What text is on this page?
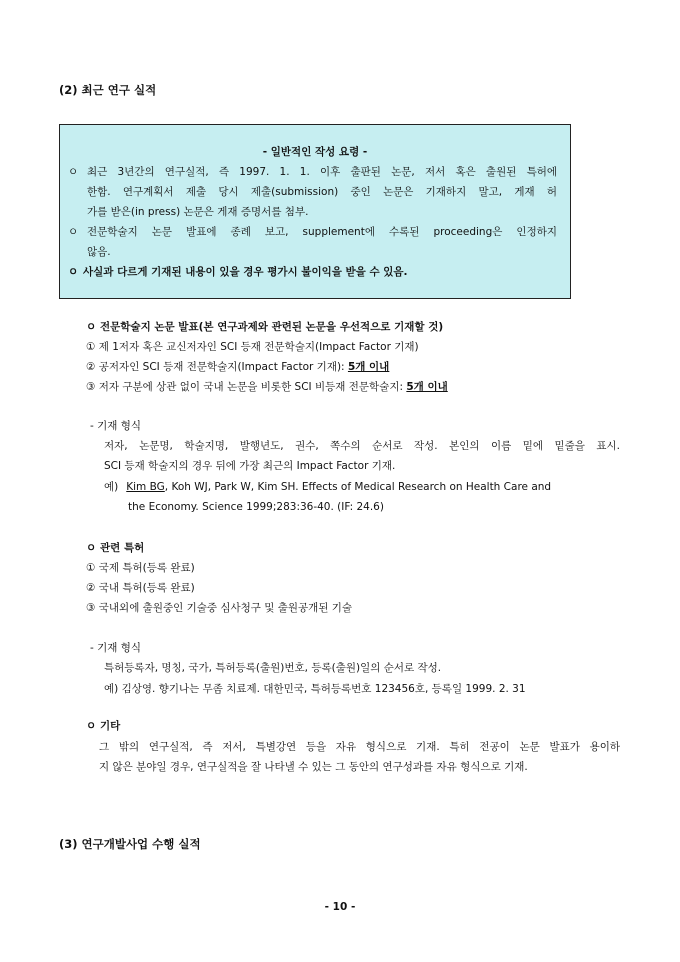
(2) 최근 연구 실적
- 일반적인 작성 요령 -
ㅇ 최근 3년간의 연구실적, 즉 1997. 1. 1. 이후 출판된 논문, 저서 혹은 출원된 특허에
한함. 연구계획서 제출 당시 제출(submission) 중인 논문은 기재하지 말고, 게재 허
가를 받은(in press) 논문은 게재 증명서를 첨부.
ㅇ 전문학술지 논문 발표에 종례 보고, supplement에 수록된 proceeding은 인정하지
않음.
ㅇ 사실과 다르게 기재된 내용이 있을 경우 평가시 불이익을 받을 수 있음.
ㅇ 전문학술지 논문 발표(본 연구과제와 관련된 논문을 우선적으로 기재할 것)
① 제 1저자 혹은 교신저자인 SCI 등재 전문학술지(Impact Factor 기재)
② 공저자인 SCI 등재 전문학술지(Impact Factor 기재): 5개 이내
③ 저자 구분에 상관 없이 국내 논문을 비롯한 SCI 비등재 전문학술지: 5개 이내
- 기재 형식
저자, 논문명, 학술지명, 발행년도, 권수, 쪽수의 순서로 작성. 본인의 이름 밑에 밑줄을 표시.
SCI 등재 학술지의 경우 뒤에 가장 최근의 Impact Factor 기재.
예) Kim BG , Koh WJ, Park W, Kim SH. Effects of Medical Research on Health Care and
the Economy. Science 1999;283:36-40. (IF: 24.6)
ㅇ 관련 특허
① 국제 특허(등록 완료)
② 국내 특허(등록 완료)
③ 국내외에 출원중인 기술중 심사청구 및 출원공개된 기술
- 기재 형식
특허등록자, 명칭, 국가, 특허등록(출원)번호, 등록(출원)일의 순서로 작성.
예) 김상영. 향기나는 무좀 치료제. 대한민국, 특허등록번호 123456호, 등록일 1999. 2. 31
ㅇ 기타
그 밖의 연구실적, 즉 저서, 특별강연 등을 자유 형식으로 기재. 특히 전공이 논문 발표가 용이하
지 않은 분야일 경우, 연구실적을 잘 나타낼 수 있는 그 동안의 연구성과를 자유 형식으로 기재.
(3) 연구개발사업 수행 실적
- 10 -
